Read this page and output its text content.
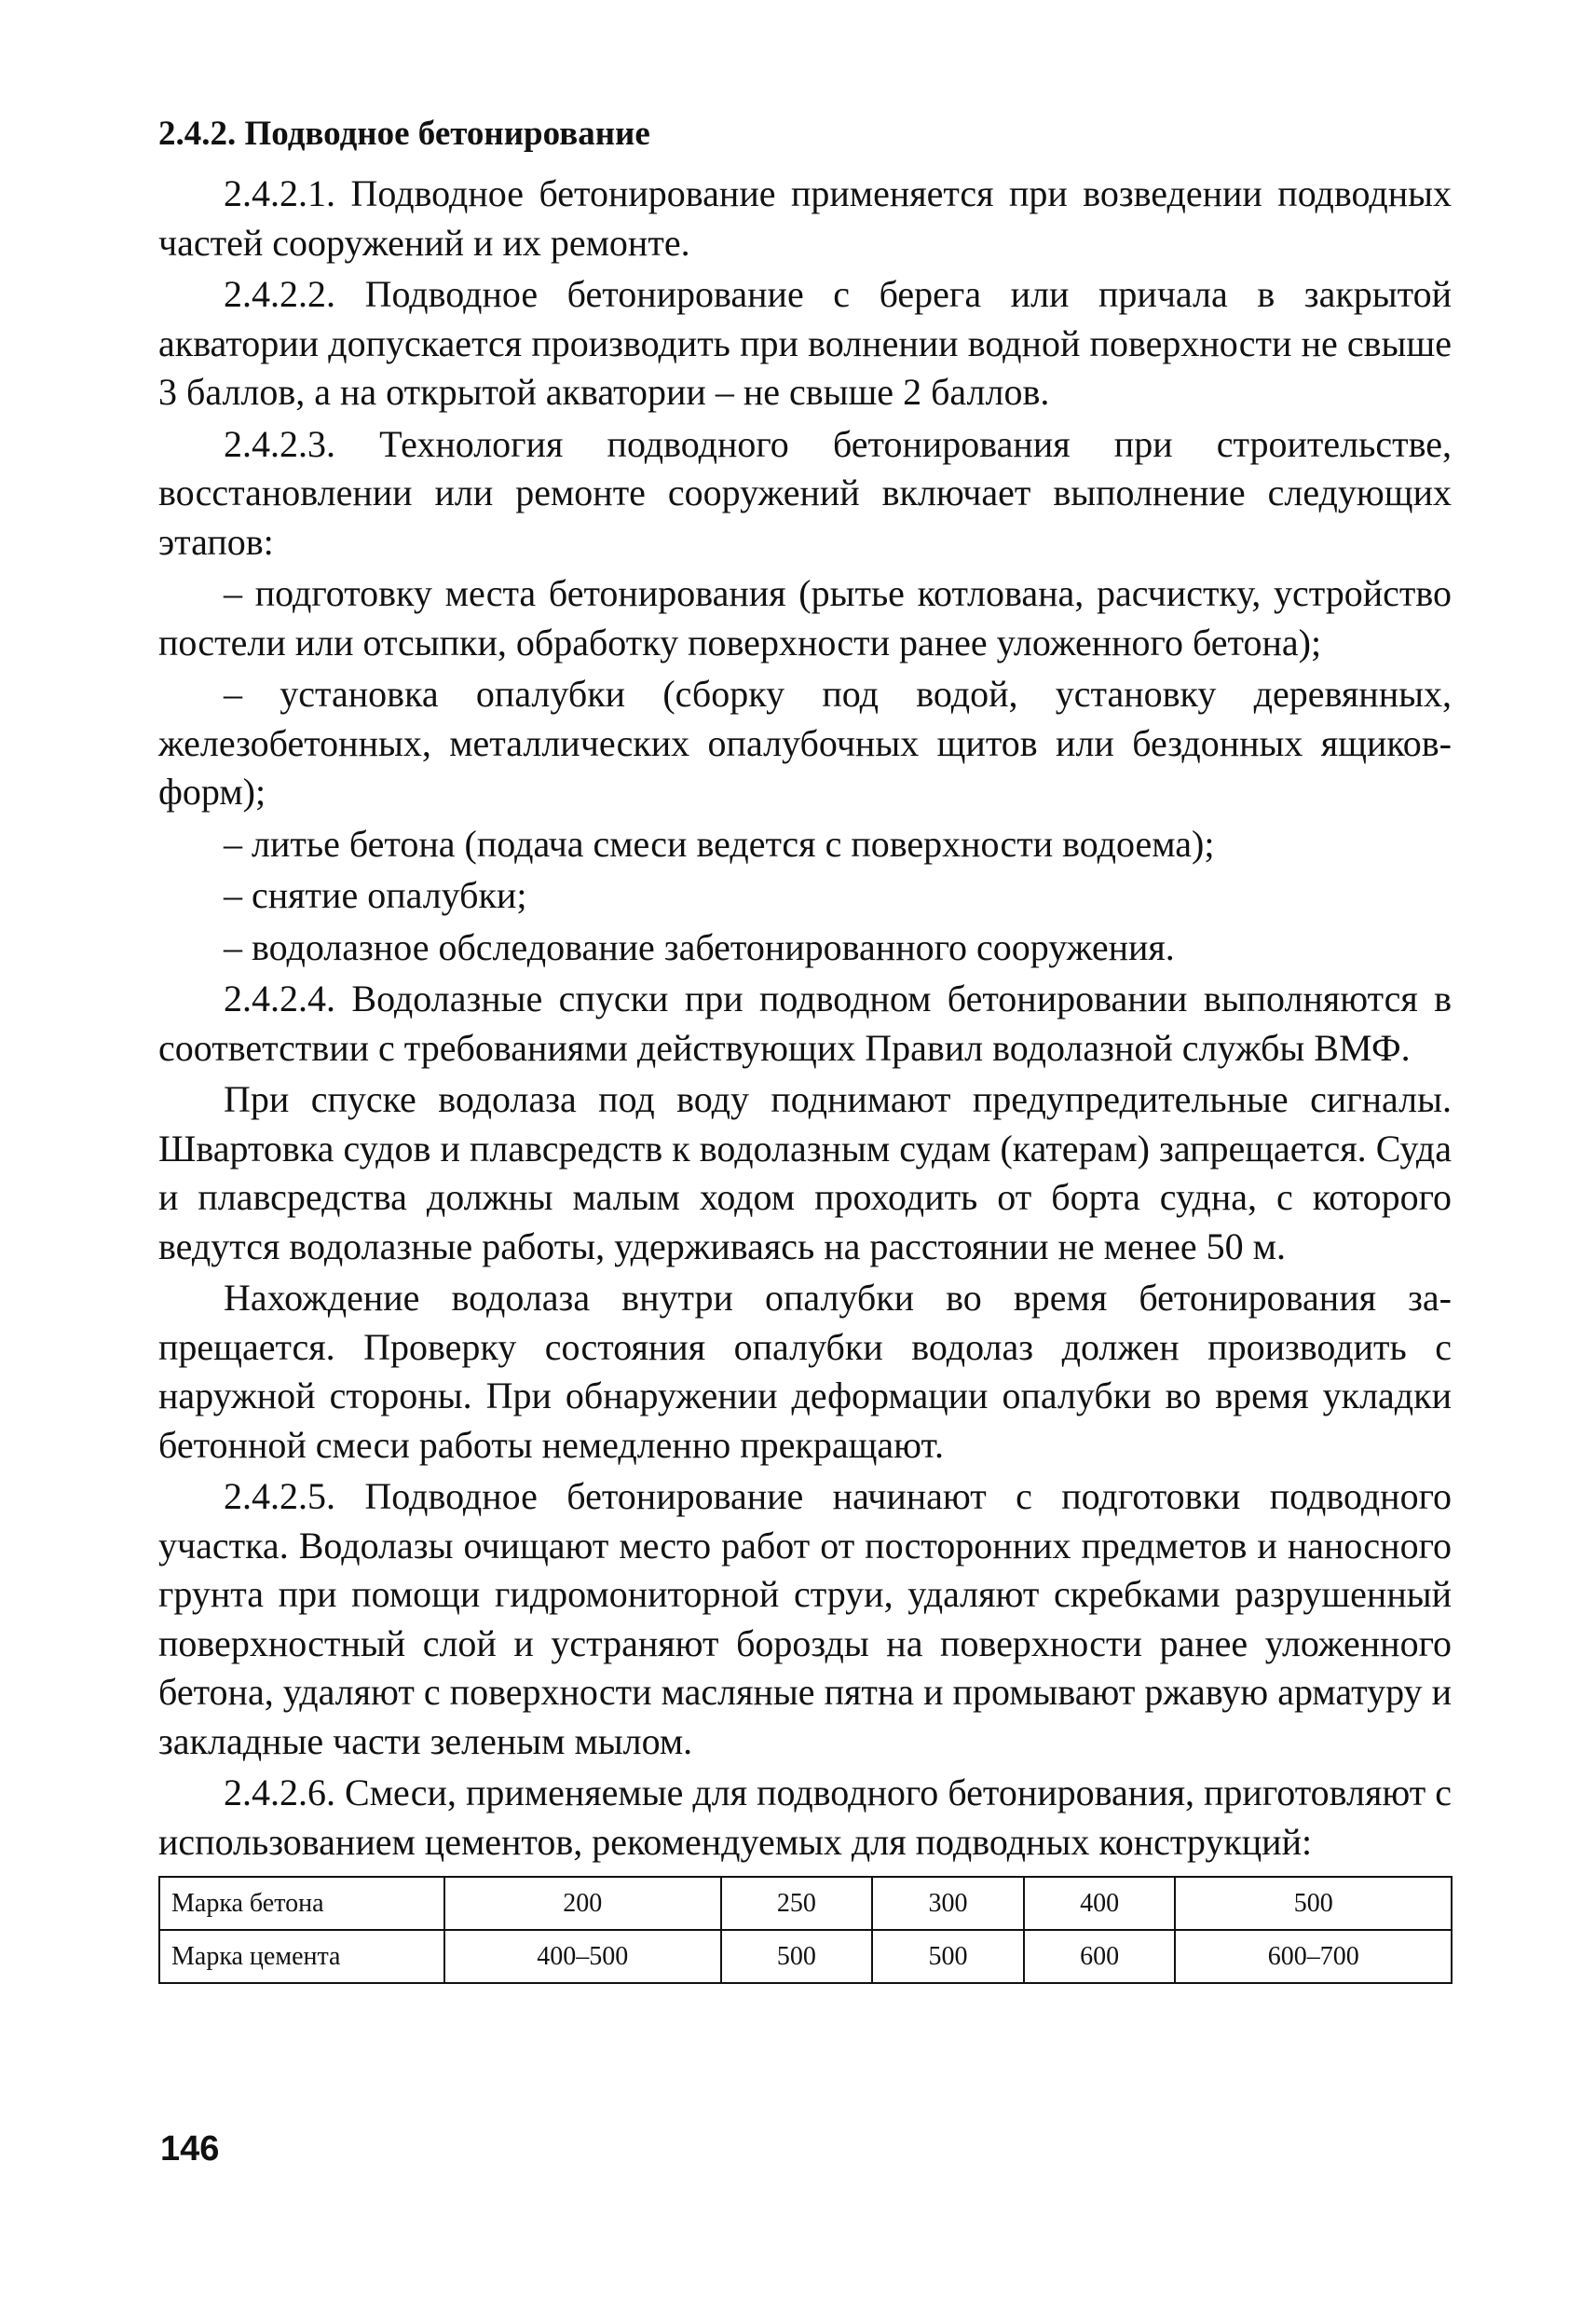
2.4.2. Подводное бетонирование

2.4.2.1. Подводное бетонирование применяется при возведении подводных частей сооружений и их ремонте.

2.4.2.2. Подводное бетонирование с берега или причала в закрытой акватории допускается производить при волнении водной поверхности не свыше 3 баллов, а на открытой акватории – не свыше 2 баллов.

2.4.2.3. Технология подводного бетонирования при строительстве, восстановлении или ремонте сооружений включает выполнение следующих этапов:

– подготовку места бетонирования (рытье котлована, расчистку, устройство постели или отсыпки, обработку поверхности ранее уложенного бетона);

– установка опалубки (сборку под водой, установку деревянных, железобетонных, металлических опалубочных щитов или бездонных ящиков-форм);

– литье бетона (подача смеси ведется с поверхности водоема);

– снятие опалубки;

– водолазное обследование забетонированного сооружения.

2.4.2.4. Водолазные спуски при подводном бетонировании выполняются в соответствии с требованиями действующих Правил водолазной службы ВМФ.

При спуске водолаза под воду поднимают предупредительные сигналы. Швартовка судов и плавсредств к водолазным судам (катерам) запрещается. Суда и плавсредства должны малым ходом проходить от борта судна, с которого ведутся водолазные работы, удерживаясь на расстоянии не менее 50 м.

Нахождение водолаза внутри опалубки во время бетонирования запрещается. Проверку состояния опалубки водолаз должен производить с наружной стороны. При обнаружении деформации опалубки во время укладки бетонной смеси работы немедленно прекращают.

2.4.2.5. Подводное бетонирование начинают с подготовки подводного участка. Водолазы очищают место работ от посторонних предметов и наносного грунта при помощи гидромониторной струи, удаляют скребками разрушенный поверхностный слой и устраняют борозды на поверхности ранее уложенного бетона, удаляют с поверхности масляные пятна и промывают ржавую арматуру и закладные части зеленым мылом.

2.4.2.6. Смеси, применяемые для подводного бетонирования, приготовляют с использованием цементов, рекомендуемых для подводных конструкций:

Марка бетона	200	250	300	400	500
Марка цемента	400–500	500	500	600	600–700
146
